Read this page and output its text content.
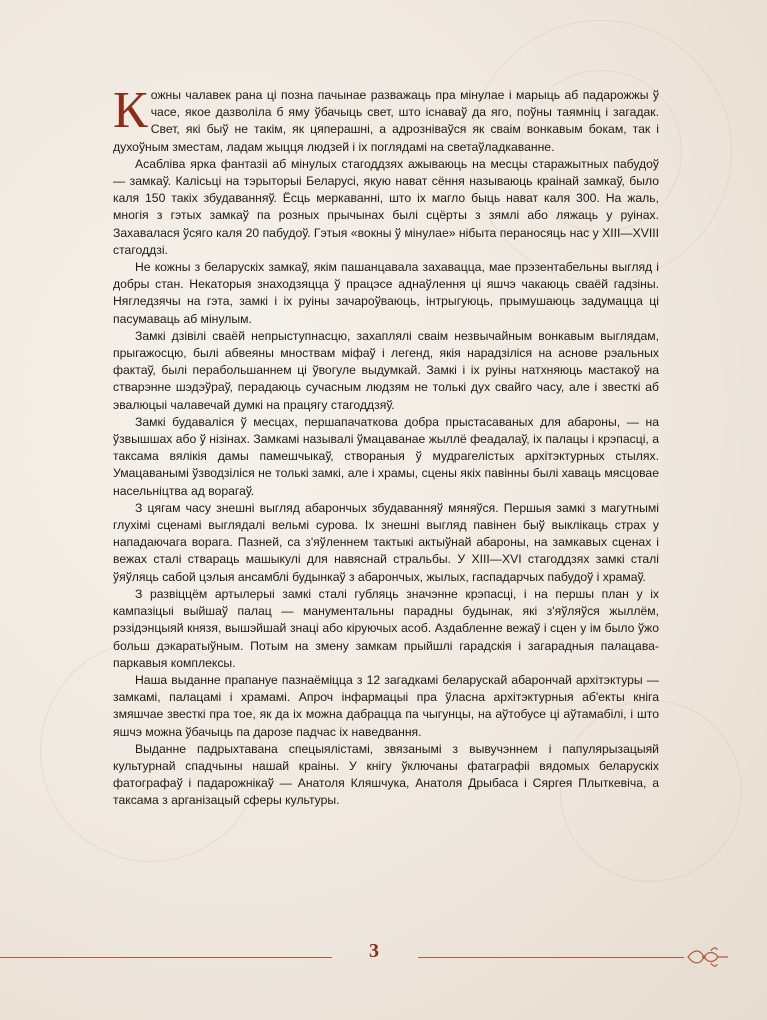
Кожны чалавек рана ці позна пачынае разважаць пра мінулае і марыць аб падарожжы ў часе, якое дазволіла б яму ўбачыць свет, што існаваў да яго, поўны таямніц і загадак. Свет, які быў не такім, як цяперашні, а адрозніваўся як сваім вонкавым бокам, так і духоўным зместам, ладам жыцця людзей і іх поглядамі на светаўладкаванне.

Асабліва ярка фантазіі аб мінулых стагоддзях ажываюць на месцы старажытных пабудоў — замкаў. Калісьці на тэрыторыі Беларусі, якую нават сёння называюць краінай замкаў, было каля 150 такіх збудаванняў. Ёсць меркаванні, што іх магло быць нават каля 300. На жаль, многія з гэтых замкаў па розных прычынах былі сцёрты з зямлі або ляжаць у руінах. Захавалася ўсяго каля 20 пабудоў. Гэтыя «вокны ў мінулае» нібыта пераносяць нас у XIII—XVIII стагоддзі.

Не кожны з беларускіх замкаў, якім пашанцавала захавацца, мае прэзентабельны выгляд і добры стан. Некаторыя знаходзяцца ў працэсе аднаўлення ці яшчэ чакаюць сваёй гадзіны. Нягледзячы на гэта, замкі і іх руіны зачароўваюць, інтрыгуюць, прымушаюць задумацца ці пасумаваць аб мінулым.

Замкі дзівілі сваёй непрыступнасцю, захаплялі сваім незвычайным вонкавым выглядам, прыгажосцю, былі абвеяны мноствам міфаў і легенд, якія нарадзіліся на аснове рэальных фактаў, былі перабольшаннем ці ўвогуле выдумкай. Замкі і іх руіны натхняюць мастакоў на стварэнне шэдэўраў, перадаюць сучасным людзям не толькі дух свайго часу, але і звесткі аб эвалюцыі чалавечай думкі на працягу стагоддзяў.

Замкі будаваліся ў месцах, першапачаткова добра прыстасаваных для абароны, — на ўзвышшах або ў нізінах. Замкамі называлі ўмацаванае жыллё феадалаў, іх палацы і крэпасці, а таксама вялікія дамы памешчыкаў, створаныя ў мудрагелістых архітэктурных стылях. Умацаванымі ўзводзіліся не толькі замкі, але і храмы, сцены якіх павінны былі хаваць мясцовае насельніцтва ад ворагаў.

З цягам часу знешні выгляд абарончых збудаванняў мяняўся. Першыя замкі з магутнымі глухімі сценамі выглядалі вельмі сурова. Іх знешні выгляд павінен быў выклікаць страх у нападаючага ворага. Пазней, са з'яўленнем тактыкі актыўнай абароны, на замкавых сценах і вежах сталі ствараць машыкулі для навяснай стральбы. У XIII—XVI стагоддзях замкі сталі ўяўляць сабой цэлыя ансамблі будынкаў з абарончых, жылых, гаспадарчых пабудоў і храмаў.

З развіццём артылерыі замкі сталі губляць значэнне крэпасці, і на першы план у іх кампазіцыі выйшаў палац — манументальны парадны будынак, які з'яўляўся жыллём, рэзідэнцыяй князя, вышэйшай знаці або кіруючых асоб. Аздабленне вежаў і сцен у ім было ўжо больш дэкаратыўным. Потым на змену замкам прыйшлі гарадскія і загарадныя палацава-паркавыя комплексы.

Наша выданне прапануе пазнаёміцца з 12 загадкамі беларускай абарончай архітэктуры — замкамі, палацамі і храмамі. Апроч інфармацыі пра ўласна архітэктурныя аб'екты кніга змяшчае звесткі пра тое, як да іх можна дабрацца па чыгунцы, на аўтобусе ці аўтамабілі, і што яшчэ можна ўбачыць па дарозе падчас іх наведвання.

Выданне падрыхтавана спецыялістамі, звязанымі з вывучэннем і папулярызацыяй культурнай спадчыны нашай краіны. У кнігу ўключаны фатаграфіі вядомых беларускіх фатографаў і падарожнікаў — Анатоля Кляшчука, Анатоля Дрыбаса і Сяргея Плыткевіча, а таксама з арганізацый сферы культуры.

3
